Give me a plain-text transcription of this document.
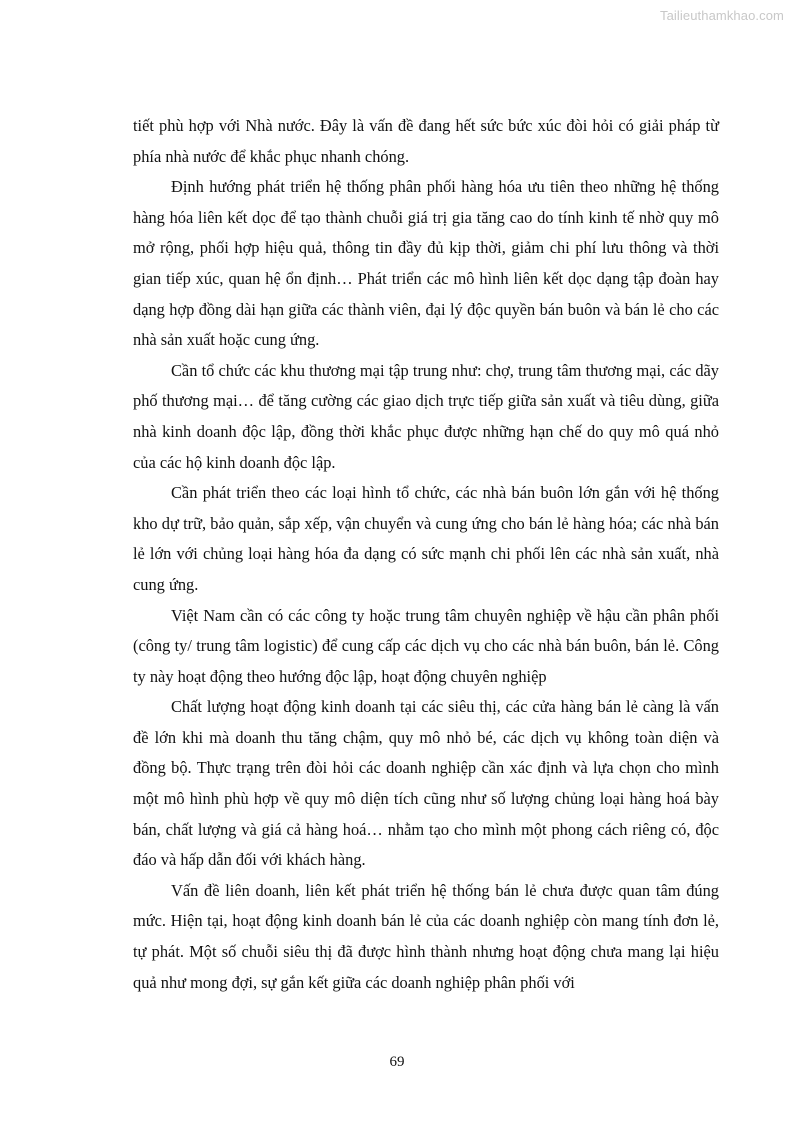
Tailieuthamkhao.com

tiết phù hợp với Nhà nước. Đây là vấn đề đang hết sức bức xúc đòi hỏi có giải pháp từ phía nhà nước để khắc phục nhanh chóng.

Định hướng phát triển hệ thống phân phối hàng hóa ưu tiên theo những hệ thống hàng hóa liên kết dọc để tạo thành chuỗi giá trị gia tăng cao do tính kinh tế nhờ quy mô mở rộng, phối hợp hiệu quả, thông tin đầy đủ kịp thời, giảm chi phí lưu thông và thời gian tiếp xúc, quan hệ ổn định… Phát triển các mô hình liên kết dọc dạng tập đoàn hay dạng hợp đồng dài hạn giữa các thành viên, đại lý độc quyền bán buôn và bán lẻ cho các nhà sản xuất hoặc cung ứng.

Cần tổ chức các khu thương mại tập trung như: chợ, trung tâm thương mại, các dãy phố thương mại… để tăng cường các giao dịch trực tiếp giữa sản xuất và tiêu dùng, giữa nhà kinh doanh độc lập, đồng thời khắc phục được những hạn chế do quy mô quá nhỏ của các hộ kinh doanh độc lập.

Cần phát triển theo các loại hình tổ chức, các nhà bán buôn lớn gắn với hệ thống kho dự trữ, bảo quản, sắp xếp, vận chuyển và cung ứng cho bán lẻ hàng hóa; các nhà bán lẻ lớn với chủng loại hàng hóa đa dạng có sức mạnh chi phối lên các nhà sản xuất, nhà cung ứng.

Việt Nam cần có các công ty hoặc trung tâm chuyên nghiệp về hậu cần phân phối (công ty/ trung tâm logistic) để cung cấp các dịch vụ cho các nhà bán buôn, bán lẻ. Công ty này hoạt động theo hướng độc lập, hoạt động chuyên nghiệp

Chất lượng hoạt động kinh doanh tại các siêu thị, các cửa hàng bán lẻ càng là vấn đề lớn khi mà doanh thu tăng chậm, quy mô nhỏ bé, các dịch vụ không toàn diện và đồng bộ. Thực trạng trên đòi hỏi các doanh nghiệp cần xác định và lựa chọn cho mình một mô hình phù hợp về quy mô diện tích cũng như số lượng chủng loại hàng hoá bày bán, chất lượng và giá cả hàng hoá… nhằm tạo cho mình một phong cách riêng có, độc đáo và hấp dẫn đối với khách hàng.

Vấn đề liên doanh, liên kết phát triển hệ thống bán lẻ chưa được quan tâm đúng mức. Hiện tại, hoạt động kinh doanh bán lẻ của các doanh nghiệp còn mang tính đơn lẻ, tự phát. Một số chuỗi siêu thị đã được hình thành nhưng hoạt động chưa mang lại hiệu quả như mong đợi, sự gắn kết giữa các doanh nghiệp phân phối với

69
